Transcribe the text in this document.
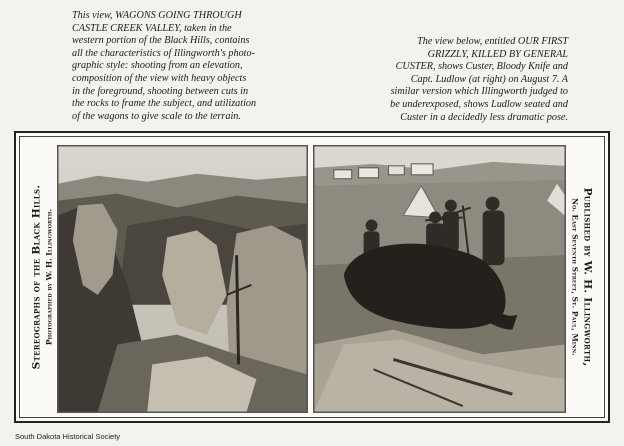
This view, WAGONS GOING THROUGH
CASTLE CREEK VALLEY, taken in the
western portion of the Black Hills, contains
all the characteristics of Illingworth's photo-
graphic style: shooting from an elevation,
composition of the view with heavy objects
in the foreground, shooting between cuts in
the rocks to frame the subject, and utilization
of the wagons to give scale to the terrain.

The view below, entitled OUR FIRST
GRIZZLY, KILLED BY GENERAL
CUSTER, shows Custer, Bloody Knife and
Capt. Ludlow (at right) on August 7. A
similar version which Illingworth judged to
be underexposed, shows Ludlow seated and
Custer in a decidedly less dramatic pose.

Stereographs of the Black Hills. Photographed by W. H. Illingworth.	Published by W. H. Illingworth,
No. East Seventh Street, St. Paul, Minn.

South Dakota Historical Society
